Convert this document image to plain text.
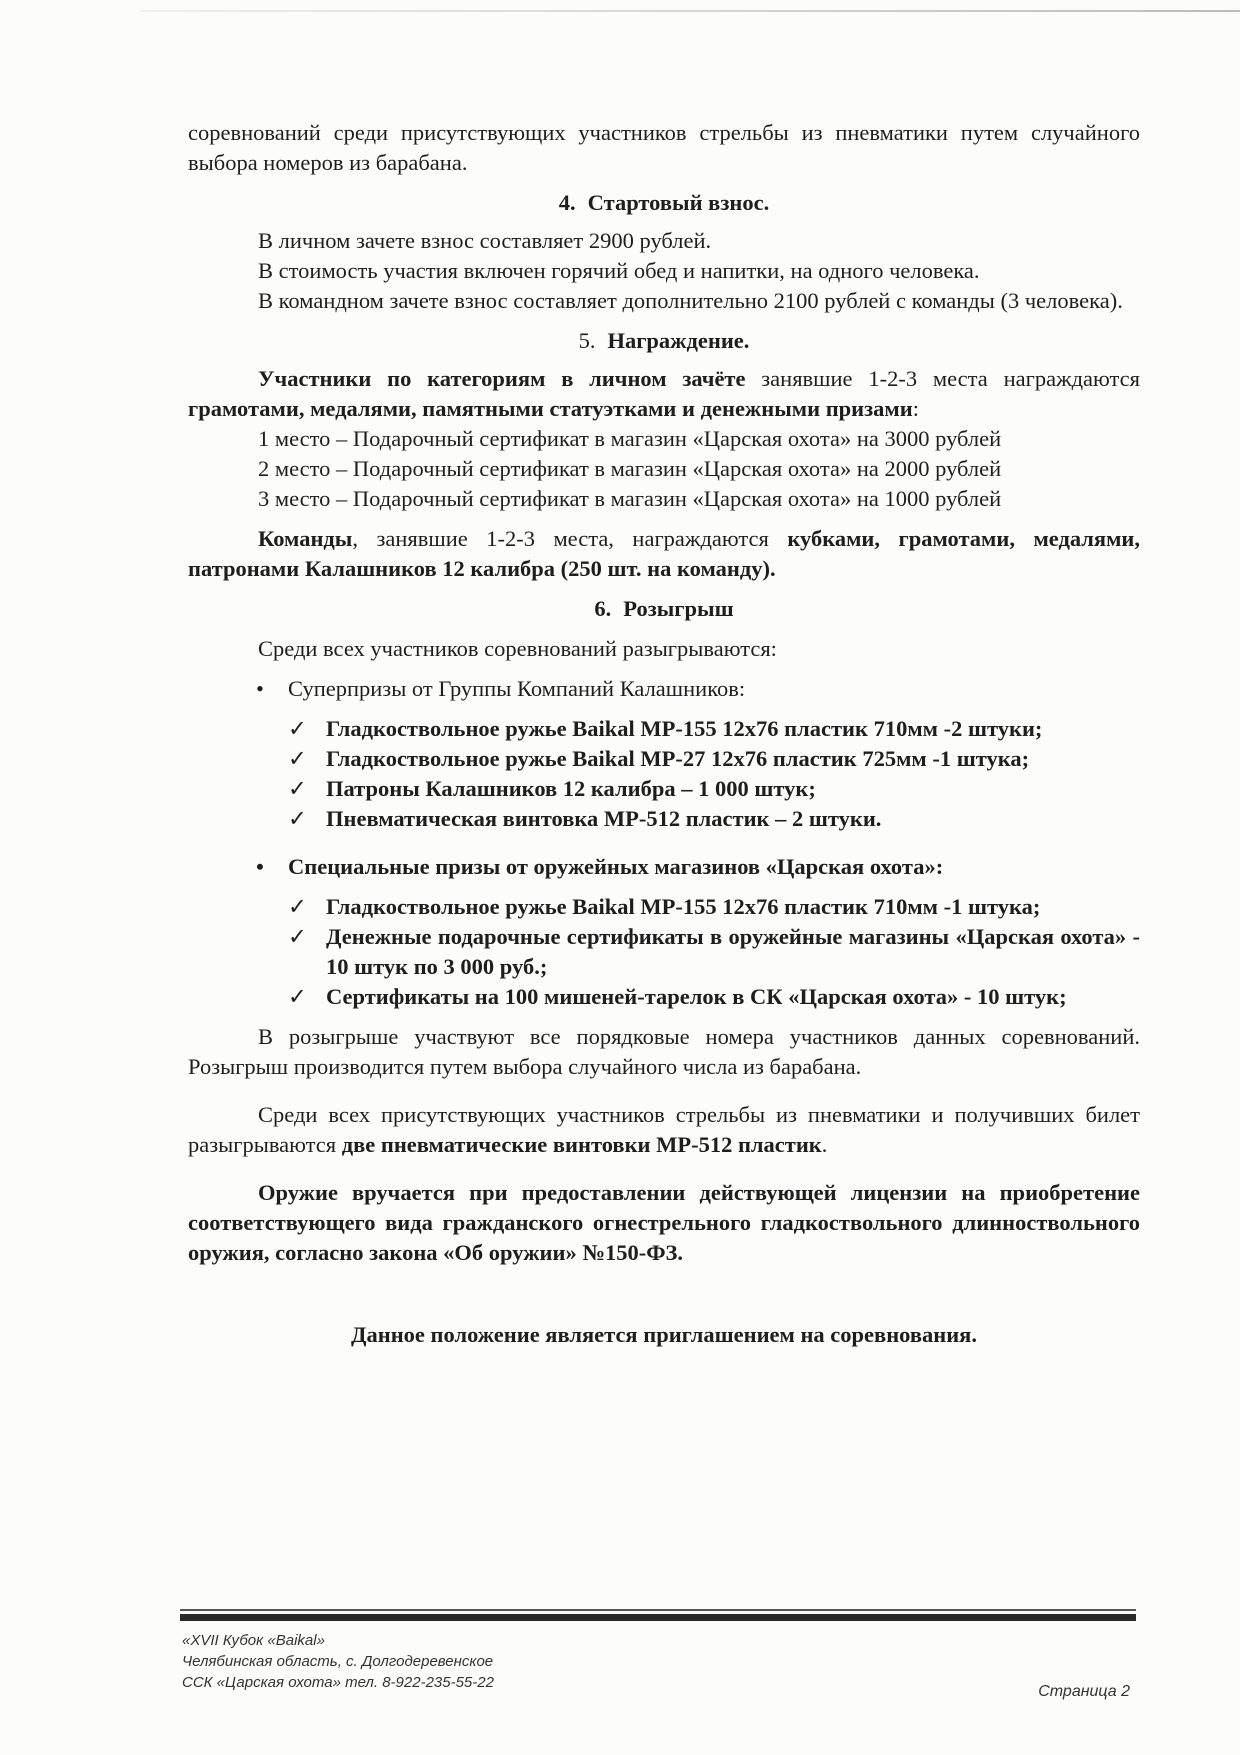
соревнований среди присутствующих участников стрельбы из пневматики путем случайного выбора номеров из барабана.

4. Стартовый взнос.

В личном зачете взнос составляет 2900 рублей.

В стоимость участия включен горячий обед и напитки, на одного человека.

В командном зачете взнос составляет дополнительно 2100 рублей с команды (3 человека).

5. Награждение.

Участники по категориям в личном зачёте занявшие 1-2-3 места награждаются грамотами, медалями, памятными статуэтками и денежными призами:

1 место – Подарочный сертификат в магазин «Царская охота» на 3000 рублей

2 место – Подарочный сертификат в магазин «Царская охота» на 2000 рублей

3 место – Подарочный сертификат в магазин «Царская охота» на 1000 рублей

Команды, занявшие 1-2-3 места, награждаются кубками, грамотами, медалями, патронами Калашников 12 калибра (250 шт. на команду).

6. Розыгрыш

Среди всех участников соревнований разыгрываются:

• Суперпризы от Группы Компаний Калашников:

✓ Гладкоствольное ружье Baikal MP-155 12х76 пластик 710мм -2 штуки;

✓ Гладкоствольное ружье Baikal MP-27 12х76 пластик 725мм -1 штука;

✓ Патроны Калашников 12 калибра – 1 000 штук;

✓ Пневматическая винтовка MP-512 пластик – 2 штуки.

• Специальные призы от оружейных магазинов «Царская охота»:

✓ Гладкоствольное ружье Baikal MP-155 12х76 пластик 710мм -1 штука;

✓ Денежные подарочные сертификаты в оружейные магазины «Царская охота» - 10 штук по 3 000 руб.;

✓ Сертификаты на 100 мишеней-тарелок в СК «Царская охота» - 10 штук;

В розыгрыше участвуют все порядковые номера участников данных соревнований. Розыгрыш производится путем выбора случайного числа из барабана.

Среди всех присутствующих участников стрельбы из пневматики и получивших билет разыгрываются две пневматические винтовки MP-512 пластик.

Оружие вручается при предоставлении действующей лицензии на приобретение соответствующего вида гражданского огнестрельного гладкоствольного длинноствольного оружия, согласно закона «Об оружии» №150-ФЗ.

Данное положение является приглашением на соревнования.

«XVII Кубок «Baikal»
Челябинская область, с. Долгодеревенское
ССК «Царская охота» тел. 8-922-235-55-22
Страница 2
